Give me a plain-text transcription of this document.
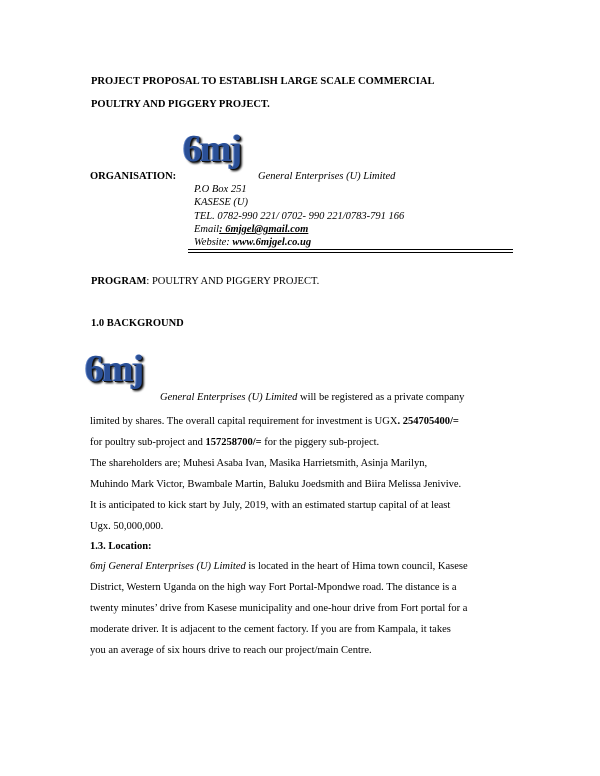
PROJECT PROPOSAL TO ESTABLISH LARGE SCALE COMMERCIAL
POULTRY AND PIGGERY PROJECT.
6mj
ORGANISATION:	General Enterprises (U) Limited
P.O Box 251
KASESE (U)
TEL. 0782-990 221/ 0702- 990 221/0783-791 166
Email: 6mjgel@gmail.com
Website: www.6mjgel.co.ug
PROGRAM: POULTRY AND PIGGERY PROJECT.
1.0 BACKGROUND
6mj
General Enterprises (U) Limited will be registered as a private company
limited by shares. The overall capital requirement for investment is UGX. 254705400/=
for poultry sub-project and 157258700/= for the piggery sub-project.
The shareholders are; Muhesi Asaba Ivan, Masika Harrietsmith, Asinja Marilyn,
Muhindo Mark Victor, Bwambale Martin, Baluku Joedsmith and Biira Melissa Jenivive.
It is anticipated to kick start by July, 2019, with an estimated startup capital of at least
Ugx. 50,000,000.
1.3. Location:
6mj General Enterprises (U) Limited is located in the heart of Hima town council, Kasese
District, Western Uganda on the high way Fort Portal-Mpondwe road. The distance is a
twenty minutes’ drive from Kasese municipality and one-hour drive from Fort portal for a
moderate driver. It is adjacent to the cement factory. If you are from Kampala, it takes
you an average of six hours drive to reach our project/main Centre.
